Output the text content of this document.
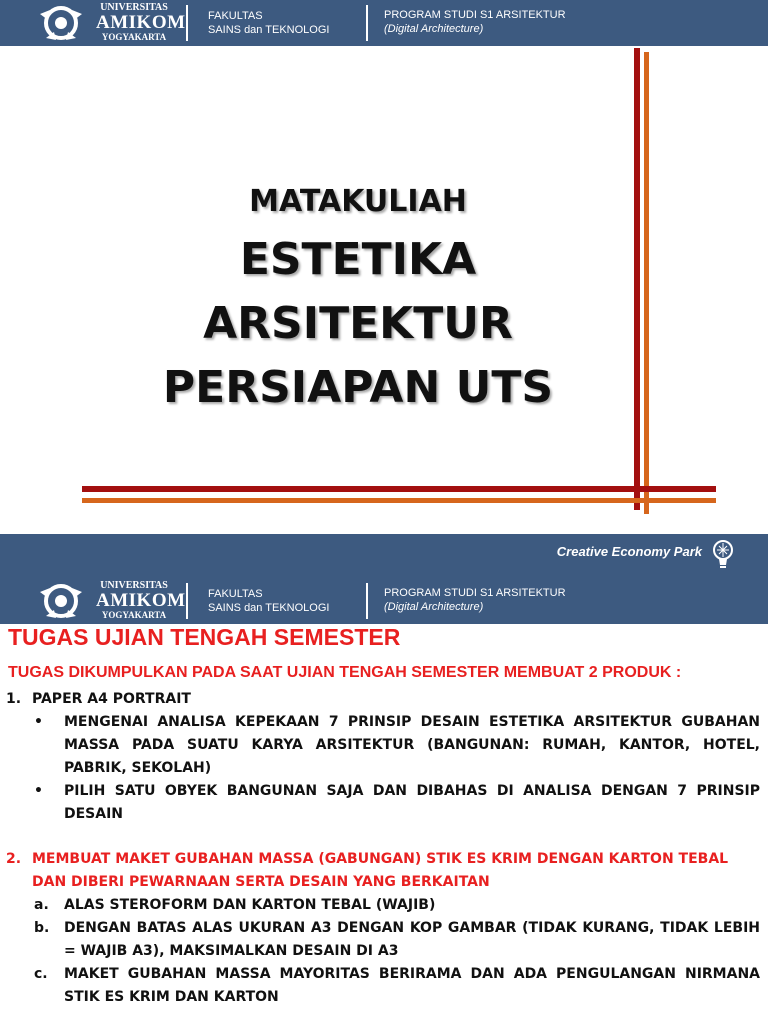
UNIVERSITAS
AMIKOM
YOGYAKARTA
FAKULTAS
SAINS dan TEKNOLOGI
PROGRAM STUDI S1 ARSITEKTUR
(Digital Architecture)
MATAKULIAH
ESTETIKA
ARSITEKTUR
PERSIAPAN UTS
Creative Economy Park
UNIVERSITAS
AMIKOM
YOGYAKARTA
FAKULTAS
SAINS dan TEKNOLOGI
PROGRAM STUDI S1 ARSITEKTUR
(Digital Architecture)
TUGAS UJIAN TENGAH SEMESTER
TUGAS DIKUMPULKAN PADA SAAT UJIAN TENGAH SEMESTER MEMBUAT 2 PRODUK :
1. PAPER A4 PORTRAIT
• MENGENAI ANALISA KEPEKAAN 7 PRINSIP DESAIN ESTETIKA ARSITEKTUR GUBAHAN MASSA PADA SUATU KARYA ARSITEKTUR (BANGUNAN: RUMAH, KANTOR, HOTEL, PABRIK, SEKOLAH)
• PILIH SATU OBYEK BANGUNAN SAJA DAN DIBAHAS DI ANALISA DENGAN 7 PRINSIP DESAIN
2. MEMBUAT MAKET GUBAHAN MASSA (GABUNGAN) STIK ES KRIM DENGAN KARTON TEBAL DAN DIBERI PEWARNAAN SERTA DESAIN YANG BERKAITAN
a. ALAS STEROFORM DAN KARTON TEBAL (WAJIB)
b. DENGAN BATAS ALAS UKURAN A3 DENGAN KOP GAMBAR (TIDAK KURANG, TIDAK LEBIH = WAJIB A3), MAKSIMALKAN DESAIN DI A3
c. MAKET GUBAHAN MASSA MAYORITAS BERIRAMA DAN ADA PENGULANGAN NIRMANA STIK ES KRIM DAN KARTON
